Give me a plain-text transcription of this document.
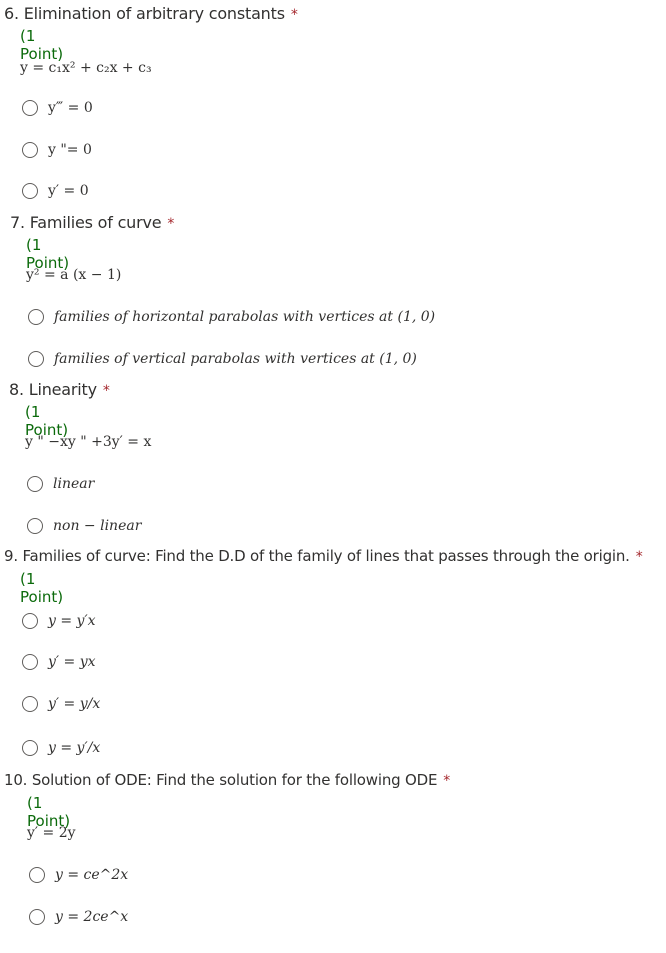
6. Elimination of arbitrary constants *
(1 Point)
y = c₁x² + c₂x + c₃
y‴ = 0
y "= 0
y′ = 0
7. Families of curve *
(1 Point)
y² = a (x − 1)
families of horizontal parabolas with vertices at (1, 0)
families of vertical parabolas with vertices at (1, 0)
8. Linearity *
(1 Point)
y " −xy " +3y′ = x
linear
non − linear
9. Families of curve: Find the D.D of the family of lines that passes through the origin. *
(1 Point)
y = y′x
y′ = yx
y′ = y/x
y = y′/x
10. Solution of ODE: Find the solution for the following ODE *
(1 Point)
y′ = 2y
y = ce^2x
y = 2ce^x
